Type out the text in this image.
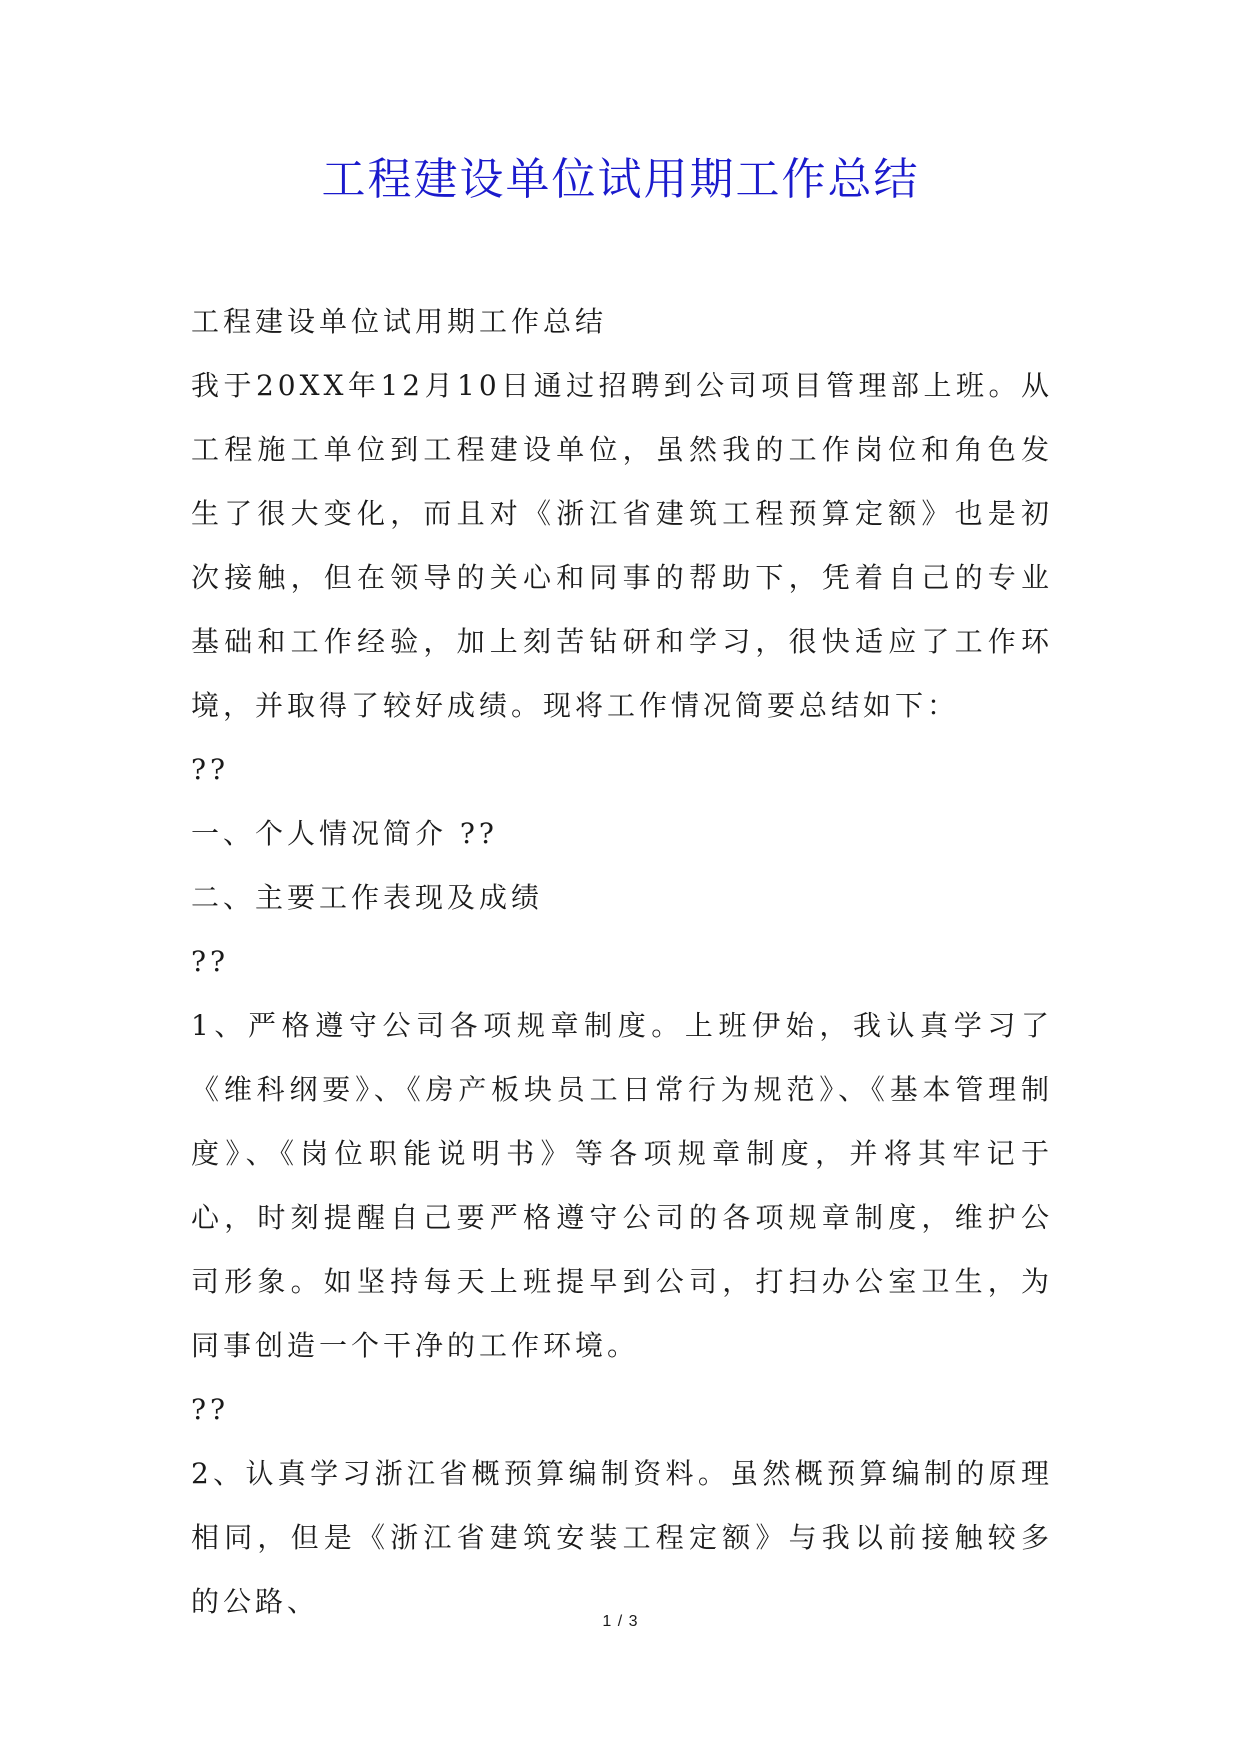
工程建设单位试用期工作总结

工程建设单位试用期工作总结

我于20XX年12月10日通过招聘到公司项目管理部上班。从工程施工单位到工程建设单位，虽然我的工作岗位和角色发生了很大变化，而且对《浙江省建筑工程预算定额》也是初次接触，但在领导的关心和同事的帮助下，凭着自己的专业基础和工作经验，加上刻苦钻研和学习，很快适应了工作环境，并取得了较好成绩。现将工作情况简要总结如下：

??

一、个人情况简介 ??

二、主要工作表现及成绩

??

1、严格遵守公司各项规章制度。上班伊始，我认真学习了《维科纲要》、《房产板块员工日常行为规范》、《基本管理制度》、《岗位职能说明书》等各项规章制度，并将其牢记于心，时刻提醒自己要严格遵守公司的各项规章制度，维护公司形象。如坚持每天上班提早到公司，打扫办公室卫生，为同事创造一个干净的工作环境。

??

2、认真学习浙江省概预算编制资料。虽然概预算编制的原理相同，但是《浙江省建筑安装工程定额》与我以前接触较多的公路、

1 / 3
